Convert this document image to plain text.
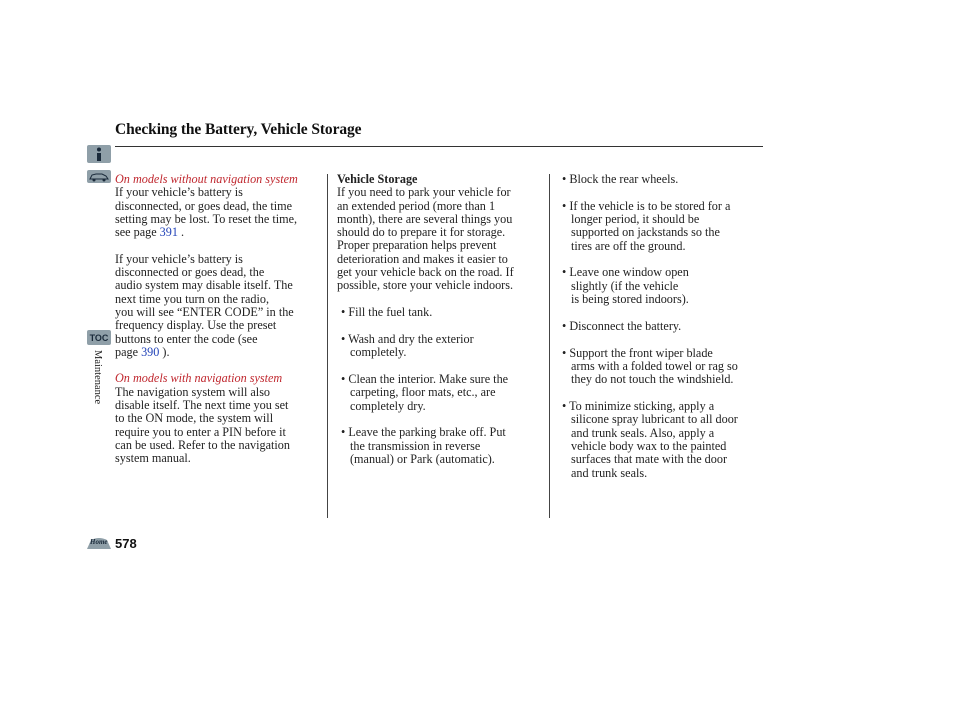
TOC
Maintenance
Home
Checking the Battery, Vehicle Storage

On models without navigation system

If your vehicle’s battery is

disconnected, or goes dead, the time

setting may be lost. To reset the time,

see page 391 .

If your vehicle’s battery is

disconnected or goes dead, the

audio system may disable itself. The

next time you turn on the radio,

you will see “ENTER CODE” in the

frequency display. Use the preset

buttons to enter the code (see

page 390 ).

On models with navigation system

The navigation system will also

disable itself. The next time you set

to the ON mode, the system will

require you to enter a PIN before it

can be used. Refer to the navigation

system manual.

Vehicle Storage

If you need to park your vehicle for

an extended period (more than 1

month), there are several things you

should do to prepare it for storage.

Proper preparation helps prevent

deterioration and makes it easier to

get your vehicle back on the road. If

possible, store your vehicle indoors.

• Fill the fuel tank.

• Wash and dry the exterior

completely.

• Clean the interior. Make sure the

carpeting, floor mats, etc., are

completely dry.

• Leave the parking brake off. Put

the transmission in reverse

(manual) or Park (automatic).

• Block the rear wheels.

• If the vehicle is to be stored for a

longer period, it should be

supported on jackstands so the

tires are off the ground.

• Leave one window open

slightly (if the vehicle

is being stored indoors).

• Disconnect the battery.

• Support the front wiper blade

arms with a folded towel or rag so

they do not touch the windshield.

• To minimize sticking, apply a

silicone spray lubricant to all door

and trunk seals. Also, apply a

vehicle body wax to the painted

surfaces that mate with the door

and trunk seals.

578
